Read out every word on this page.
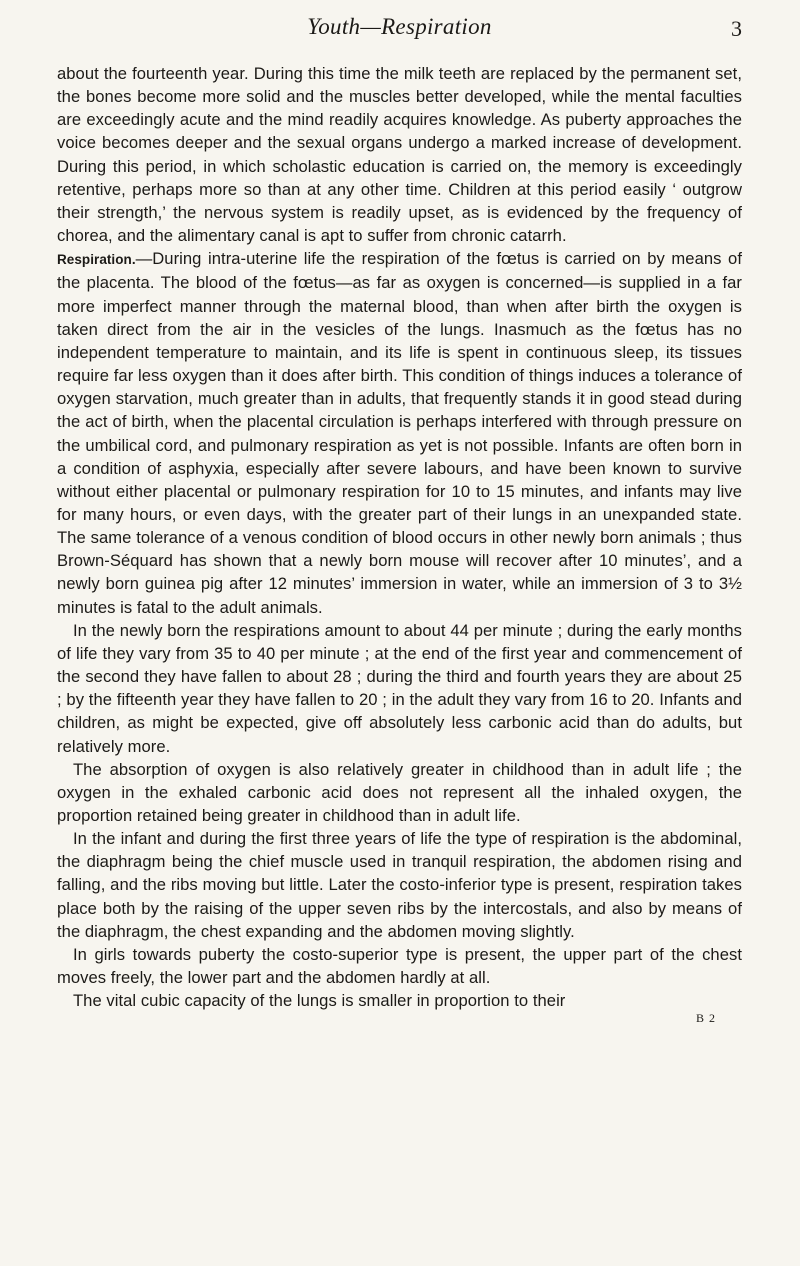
Youth—Respiration	3

about the fourteenth year. During this time the milk teeth are replaced by the permanent set, the bones become more solid and the muscles better developed, while the mental faculties are exceedingly acute and the mind readily acquires knowledge. As puberty approaches the voice becomes deeper and the sexual organs undergo a marked increase of development. During this period, in which scholastic education is carried on, the memory is exceedingly retentive, perhaps more so than at any other time. Children at this period easily ‘ outgrow their strength,’ the nervous system is readily upset, as is evidenced by the frequency of chorea, and the alimentary canal is apt to suffer from chronic catarrh.

Respiration.—During intra-uterine life the respiration of the fœtus is carried on by means of the placenta. The blood of the fœtus—as far as oxygen is concerned—is supplied in a far more imperfect manner through the maternal blood, than when after birth the oxygen is taken direct from the air in the vesicles of the lungs. Inasmuch as the fœtus has no independent temperature to maintain, and its life is spent in continuous sleep, its tissues require far less oxygen than it does after birth. This condition of things induces a tolerance of oxygen starvation, much greater than in adults, that frequently stands it in good stead during the act of birth, when the placental circulation is perhaps interfered with through pressure on the umbilical cord, and pulmonary respiration as yet is not possible. Infants are often born in a condition of asphyxia, especially after severe labours, and have been known to survive without either placental or pulmonary respiration for 10 to 15 minutes, and infants may live for many hours, or even days, with the greater part of their lungs in an unexpanded state. The same tolerance of a venous condition of blood occurs in other newly born animals ; thus Brown-Séquard has shown that a newly born mouse will recover after 10 minutes’, and a newly born guinea pig after 12 minutes’ immersion in water, while an immersion of 3 to 3½ minutes is fatal to the adult animals.

In the newly born the respirations amount to about 44 per minute ; during the early months of life they vary from 35 to 40 per minute ; at the end of the first year and commencement of the second they have fallen to about 28 ; during the third and fourth years they are about 25 ; by the fifteenth year they have fallen to 20 ; in the adult they vary from 16 to 20. Infants and children, as might be expected, give off absolutely less carbonic acid than do adults, but relatively more.

The absorption of oxygen is also relatively greater in childhood than in adult life ; the oxygen in the exhaled carbonic acid does not represent all the inhaled oxygen, the proportion retained being greater in childhood than in adult life.

In the infant and during the first three years of life the type of respiration is the abdominal, the diaphragm being the chief muscle used in tranquil respiration, the abdomen rising and falling, and the ribs moving but little. Later the costo-inferior type is present, respiration takes place both by the raising of the upper seven ribs by the intercostals, and also by means of the diaphragm, the chest expanding and the abdomen moving slightly.

In girls towards puberty the costo-superior type is present, the upper part of the chest moves freely, the lower part and the abdomen hardly at all.

The vital cubic capacity of the lungs is smaller in proportion to their

B 2
